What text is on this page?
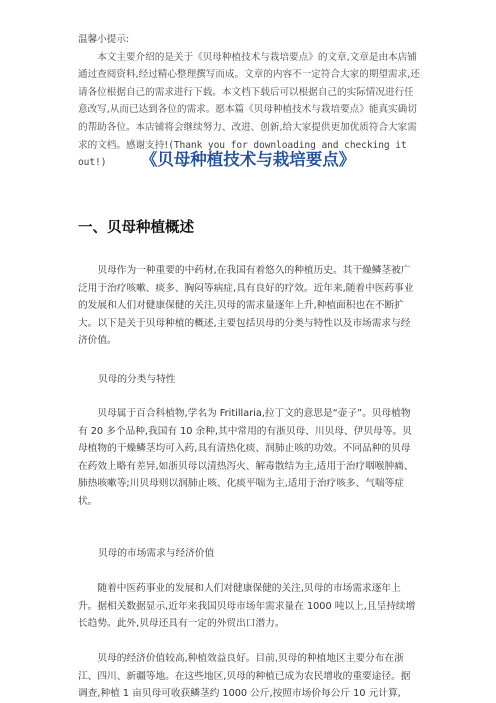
温馨小提示:

本文主要介绍的是关于《贝母种植技术与栽培要点》的文章,文章是由本店铺通过查阅资料,经过精心整理撰写而成。文章的内容不一定符合大家的期望需求,还请各位根据自己的需求进行下载。本文档下载后可以根据自己的实际情况进行任意改写,从而已达到各位的需求。愿本篇《贝母种植技术与栽培要点》能真实确切的帮助各位。本店铺将会继续努力、改进、创新,给大家提供更加优质符合大家需求的文档。感谢支持!(Thank you for downloading and checking it out!)	《贝母种植技术与栽培要点》
一、贝母种植概述

贝母作为一种重要的中药材,在我国有着悠久的种植历史。其干燥鳞茎被广泛用于治疗咳嗽、痰多、胸闷等病症,具有良好的疗效。近年来,随着中医药事业的发展和人们对健康保健的关注,贝母的需求量逐年上升,种植面积也在不断扩大。以下是关于贝母种植的概述,主要包括贝母的分类与特性以及市场需求与经济价值。

贝母的分类与特性

贝母属于百合科植物,学名为 Fritillaria,拉丁文的意思是“壶子”。贝母植物有 20 多个品种,我国有 10 余种,其中常用的有浙贝母、川贝母、伊贝母等。贝母植物的干燥鳞茎均可入药,具有清热化痰、润肺止咳的功效。不同品种的贝母在药效上略有差异,如浙贝母以清热泻火、解毒散结为主,适用于治疗咽喉肿痛、肺热咳嗽等;川贝母则以润肺止咳、化痰平喘为主,适用于治疗咳多、气喘等症状。

贝母的市场需求与经济价值

随着中医药事业的发展和人们对健康保健的关注,贝母的市场需求逐年上升。据相关数据显示,近年来我国贝母市场年需求量在 1000 吨以上,且呈持续增长趋势。此外,贝母还具有一定的外贸出口潜力。

贝母的经济价值较高,种植效益良好。目前,贝母的种植地区主要分布在浙江、四川、新疆等地。在这些地区,贝母的种植已成为农民增收的重要途径。据调查,种植 1 亩贝母可收获鳞茎约 1000 公斤,按照市场价每公斤 10 元计算,
